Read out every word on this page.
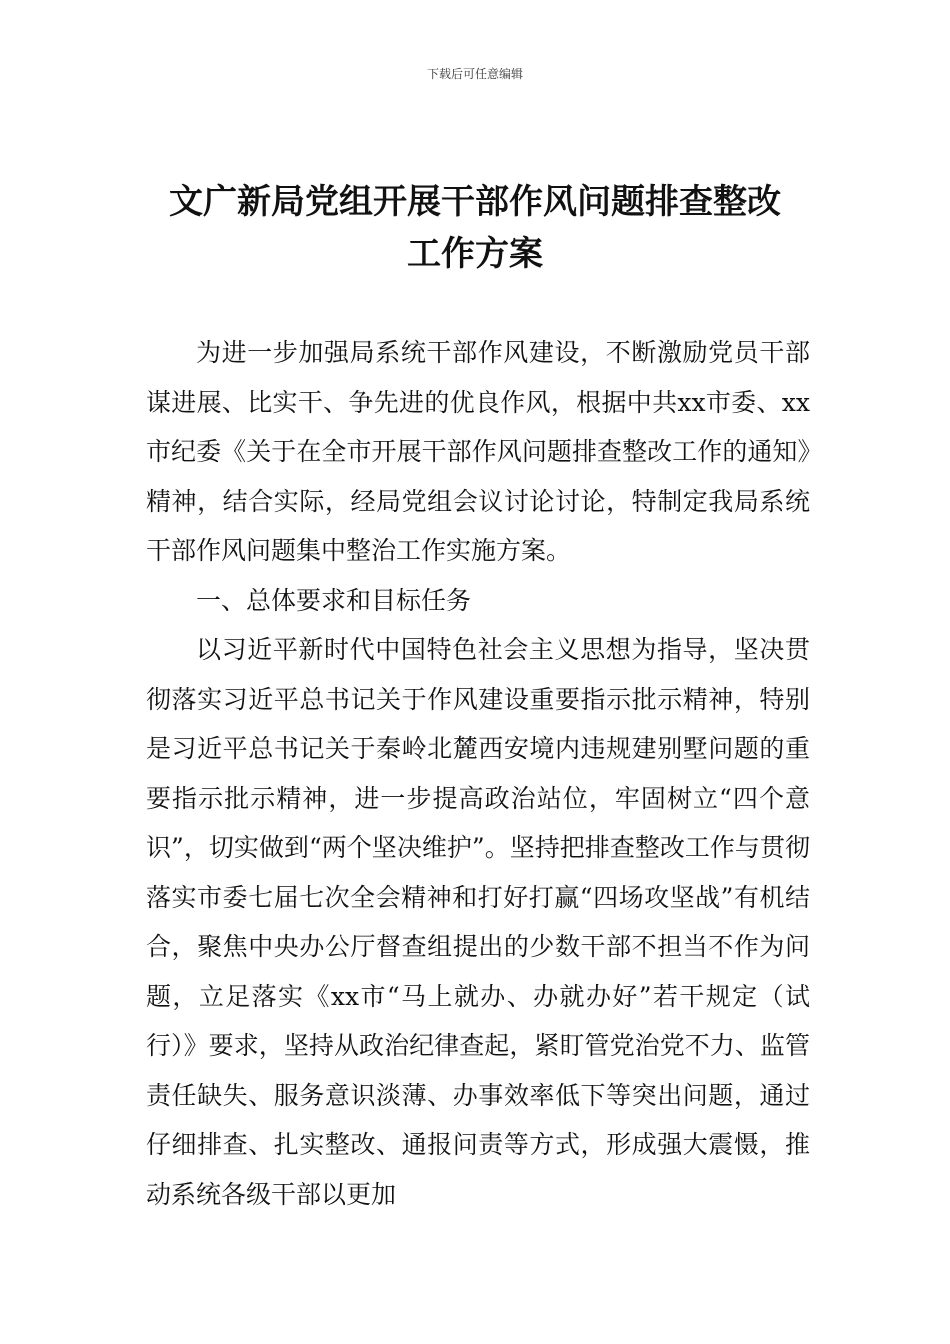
下载后可任意编辑
文广新局党组开展干部作风问题排查整改
工作方案

为进一步加强局系统干部作风建设，不断激励党员干部谋进展、比实干、争先进的优良作风，根据中共xx市委、xx市纪委《关于在全市开展干部作风问题排查整改工作的通知》精神，结合实际，经局党组会议讨论讨论，特制定我局系统干部作风问题集中整治工作实施方案。

一、总体要求和目标任务

以习近平新时代中国特色社会主义思想为指导，坚决贯彻落实习近平总书记关于作风建设重要指示批示精神，特别是习近平总书记关于秦岭北麓西安境内违规建别墅问题的重要指示批示精神，进一步提高政治站位，牢固树立“四个意识”，切实做到“两个坚决维护”。坚持把排查整改工作与贯彻落实市委七届七次全会精神和打好打赢“四场攻坚战”有机结合，聚焦中央办公厅督查组提出的少数干部不担当不作为问题，立足落实《xx市“马上就办、办就办好”若干规定（试行）》要求，坚持从政治纪律查起，紧盯管党治党不力、监管责任缺失、服务意识淡薄、办事效率低下等突出问题，通过仔细排查、扎实整改、通报问责等方式，形成强大震慑，推动系统各级干部以更加
